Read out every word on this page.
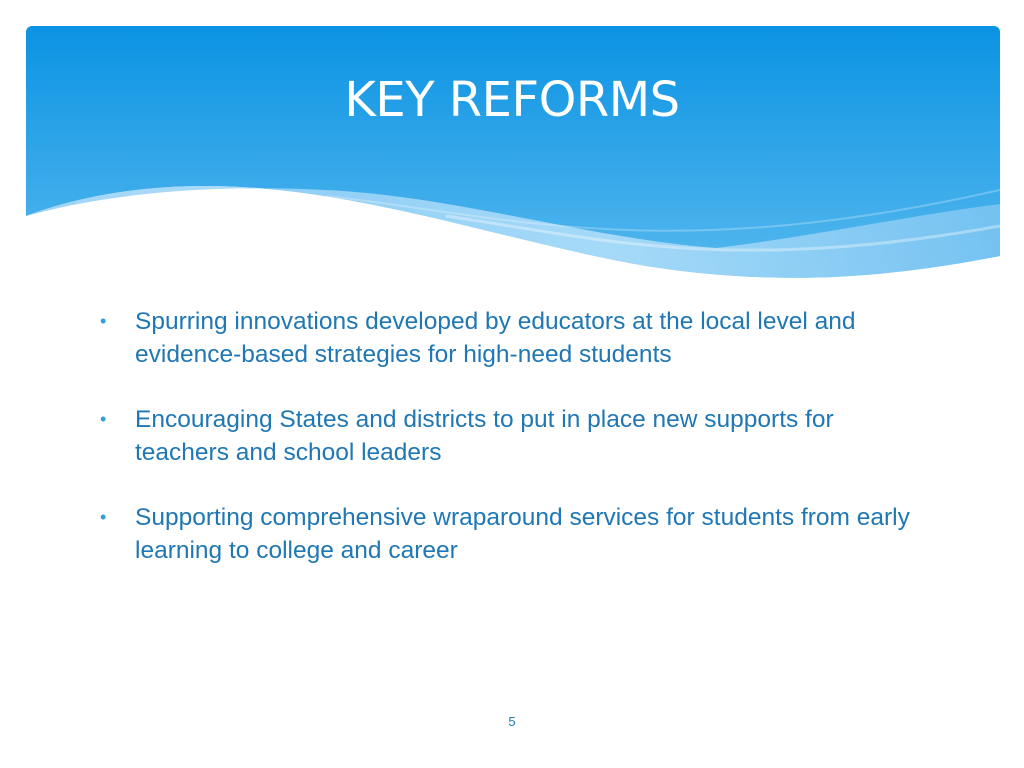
KEY REFORMS
• Spurring innovations developed by educators at the local level and evidence-based strategies for high-need students
• Encouraging States and districts to put in place new supports for teachers and school leaders
• Supporting comprehensive wraparound services for students from early learning to college and career
5
